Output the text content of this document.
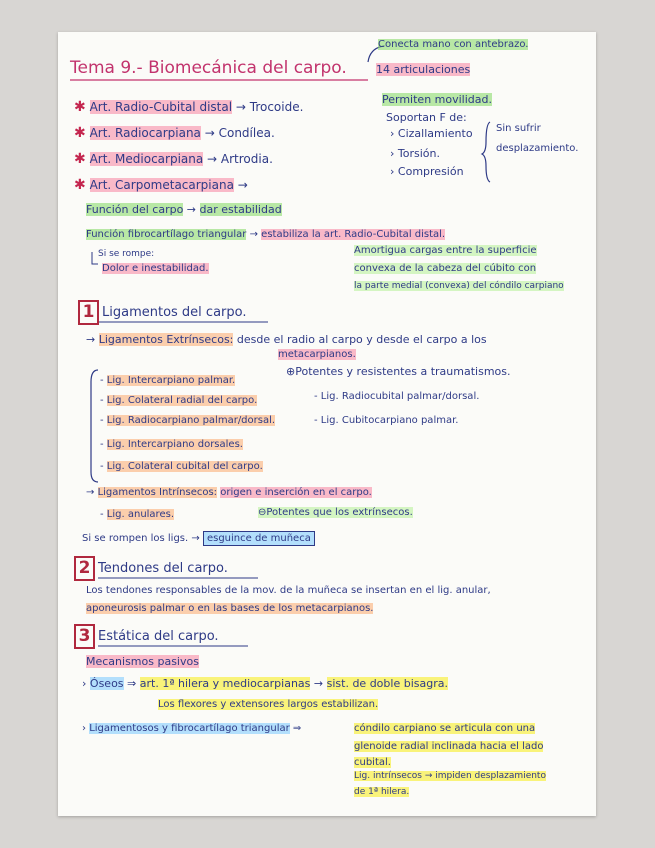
Conecta mano con antebrazo.
Tema 9.- Biomecánica del carpo.	14 articulaciones
Permiten movilidad.
Soportan F de:
› Cizallamiento
› Torsión.
› Compresión
Sin sufrir
desplazamiento.
✱ Art. Radio-Cubital distal → Trocoide.
✱ Art. Radiocarpiana → Condílea.
✱ Art. Mediocarpiana → Artrodia.
✱ Art. Carpometacarpiana →
Función del carpo → dar estabilidad
Función fibrocartílago triangular → estabiliza la art. Radio-Cubital distal.
Si se rompe:
Dolor e inestabilidad.
Amortigua cargas entre la superficie
convexa de la cabeza del cúbito con
la parte medial (convexa) del cóndilo carpiano
1 Ligamentos del carpo.
→ Ligamentos Extrínsecos: desde el radio al carpo y desde el carpo a los
metacarpianos.
⊕Potentes y resistentes a traumatismos.
- Lig. Intercarpiano palmar.
- Lig. Colateral radial del carpo.
- Lig. Radiocarpiano palmar/dorsal.
- Lig. Intercarpiano dorsales.
- Lig. Colateral cubital del carpo.
- Lig. Radiocubital palmar/dorsal.
- Lig. Cubitocarpiano palmar.
→ Ligamentos Intrínsecos: origen e inserción en el carpo.
- Lig. anulares.	⊖Potentes que los extrínsecos.
Si se rompen los ligs. → esguince de muñeca
2 Tendones del carpo.
Los tendones responsables de la mov. de la muñeca se insertan en el lig. anular,
aponeurosis palmar o en las bases de los metacarpianos.
3 Estática del carpo.
Mecanismos pasivos
› Óseos ⇒ art. 1ª hilera y mediocarpianas → sist. de doble bisagra.
Los flexores y extensores largos estabilizan.
› Ligamentosos y fibrocartílago triangular ⇒	cóndilo carpiano se articula con una
glenoide radial inclinada hacia el lado
cubital.
Lig. intrínsecos → impiden desplazamiento
de 1ª hilera.
